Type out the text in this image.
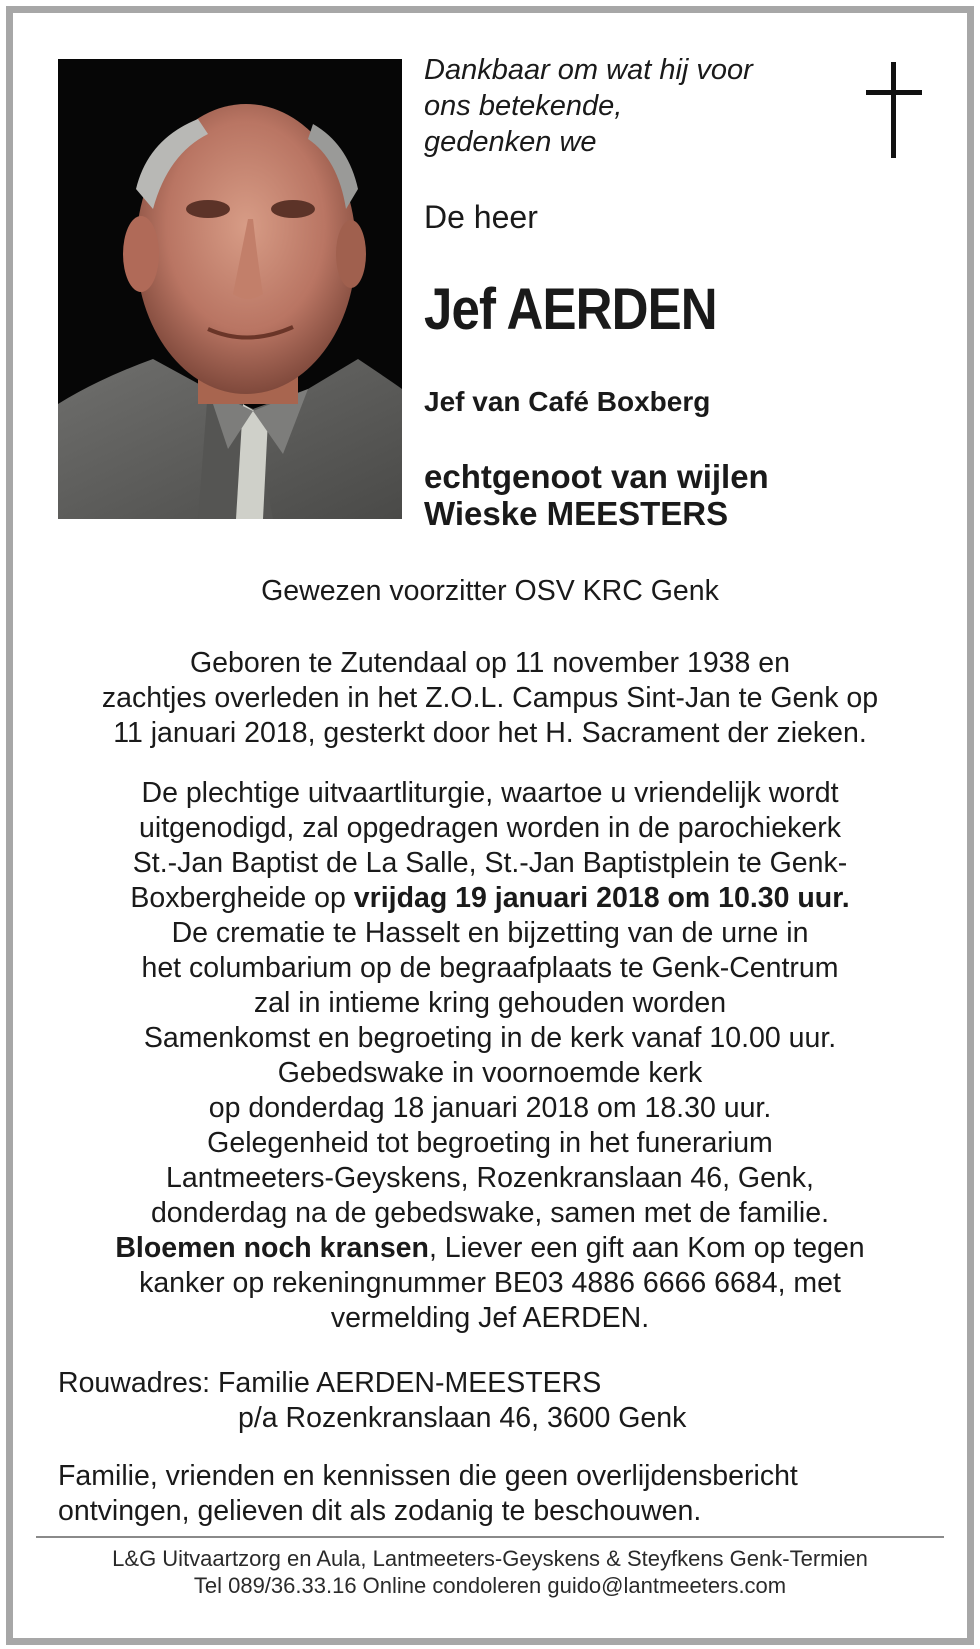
Dankbaar om wat hij voor
ons betekende,
gedenken we
De heer
Jef AERDEN
Jef van Café Boxberg
echtgenoot van wijlen
Wieske MEESTERS
Gewezen voorzitter OSV KRC Genk
Geboren te Zutendaal op 11 november 1938 en
zachtjes overleden in het Z.O.L. Campus Sint-Jan te Genk op
11 januari 2018, gesterkt door het H. Sacrament der zieken.
De plechtige uitvaartliturgie, waartoe u vriendelijk wordt
uitgenodigd, zal opgedragen worden in de parochiekerk
St.-Jan Baptist de La Salle, St.-Jan Baptistplein te Genk-
Boxbergheide op vrijdag 19 januari 2018 om 10.30 uur.
De crematie te Hasselt en bijzetting van de urne in
het columbarium op de begraafplaats te Genk-Centrum
zal in intieme kring gehouden worden
Samenkomst en begroeting in de kerk vanaf 10.00 uur.
Gebedswake in voornoemde kerk
op donderdag 18 januari 2018 om 18.30 uur.
Gelegenheid tot begroeting in het funerarium
Lantmeeters-Geyskens, Rozenkranslaan 46, Genk,
donderdag na de gebedswake, samen met de familie.
Bloemen noch kransen, Liever een gift aan Kom op tegen
kanker op rekeningnummer BE03 4886 6666 6684, met
vermelding Jef AERDEN.
Rouwadres: Familie AERDEN-MEESTERS
p/a Rozenkranslaan 46, 3600 Genk
Familie, vrienden en kennissen die geen overlijdensbericht
ontvingen, gelieven dit als zodanig te beschouwen.
L&G Uitvaartzorg en Aula, Lantmeeters-Geyskens & Steyfkens Genk-Termien
Tel 089/36.33.16 Online condoleren guido@lantmeeters.com
